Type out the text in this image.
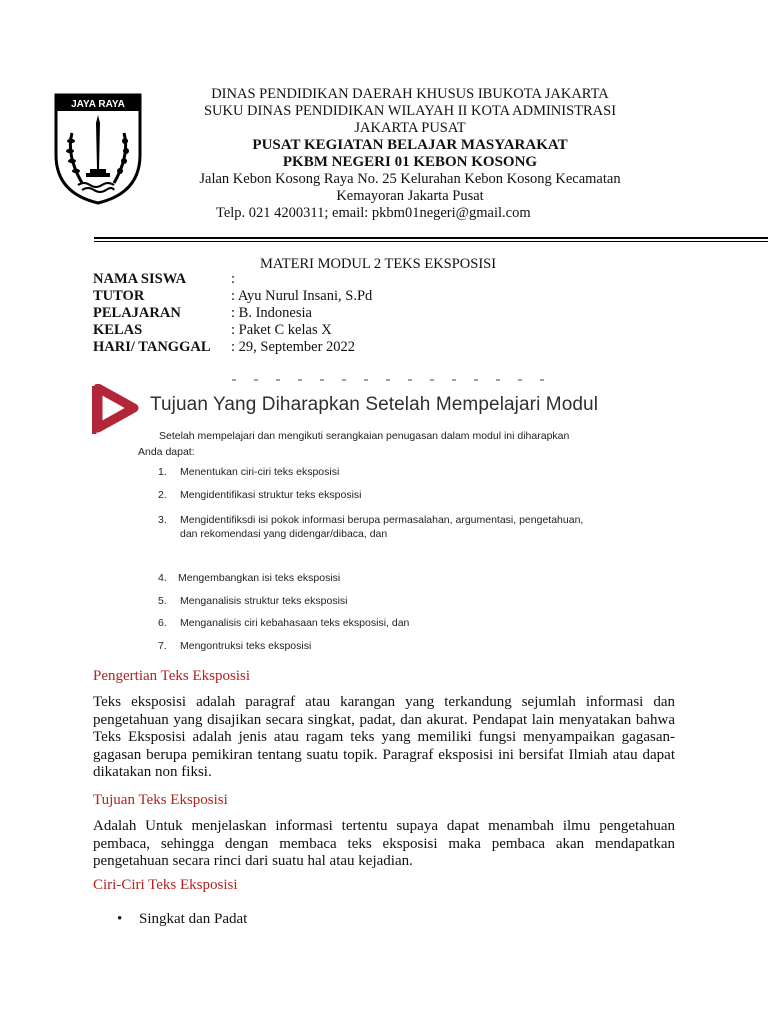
JAYA RAYA
DINAS PENDIDIKAN DAERAH KHUSUS IBUKOTA JAKARTA
SUKU DINAS PENDIDIKAN WILAYAH II KOTA ADMINISTRASI
JAKARTA PUSAT
PUSAT KEGIATAN BELAJAR MASYARAKAT
PKBM NEGERI 01 KEBON KOSONG
Jalan Kebon Kosong Raya No. 25 Kelurahan Kebon Kosong Kecamatan
Kemayoran Jakarta Pusat
Telp. 021 4200311; email: pkbm01negeri@gmail.com
MATERI MODUL 2 TEKS EKSPOSISI
NAMA SISWA	:
TUTOR	: Ayu Nurul Insani, S.Pd
PELAJARAN	: B. Indonesia
KELAS	: Paket C kelas X
HARI/ TANGGAL	: 29, September 2022
Tujuan Yang Diharapkan Setelah Mempelajari Modul
Setelah mempelajari dan mengikuti serangkaian penugasan dalam modul ini diharapkan
Anda dapat:
1. Menentukan ciri-ciri teks eksposisi
2. Mengidentifikasi struktur teks eksposisi
3. Mengidentifiksdi isi pokok informasi berupa permasalahan, argumentasi, pengetahuan,
dan rekomendasi yang didengar/dibaca, dan
4. Mengembangkan isi teks eksposisi
5. Menganalisis struktur teks eksposisi
6. Menganalisis ciri kebahasaan teks eksposisi, dan
7. Mengontruksi teks eksposisi
Pengertian Teks Eksposisi
Teks eksposisi adalah paragraf atau karangan yang terkandung sejumlah informasi dan pengetahuan yang disajikan secara singkat, padat, dan akurat. Pendapat lain menyatakan bahwa Teks Eksposisi adalah jenis atau ragam teks yang memiliki fungsi menyampaikan gagasan-gagasan berupa pemikiran tentang suatu topik. Paragraf eksposisi ini bersifat Ilmiah atau dapat dikatakan non fiksi.
Tujuan Teks Eksposisi
Adalah Untuk menjelaskan informasi tertentu supaya dapat menambah ilmu pengetahuan pembaca, sehingga dengan membaca teks eksposisi maka pembaca akan mendapatkan pengetahuan secara rinci dari suatu hal atau kejadian.
Ciri-Ciri Teks Eksposisi
• Singkat dan Padat
